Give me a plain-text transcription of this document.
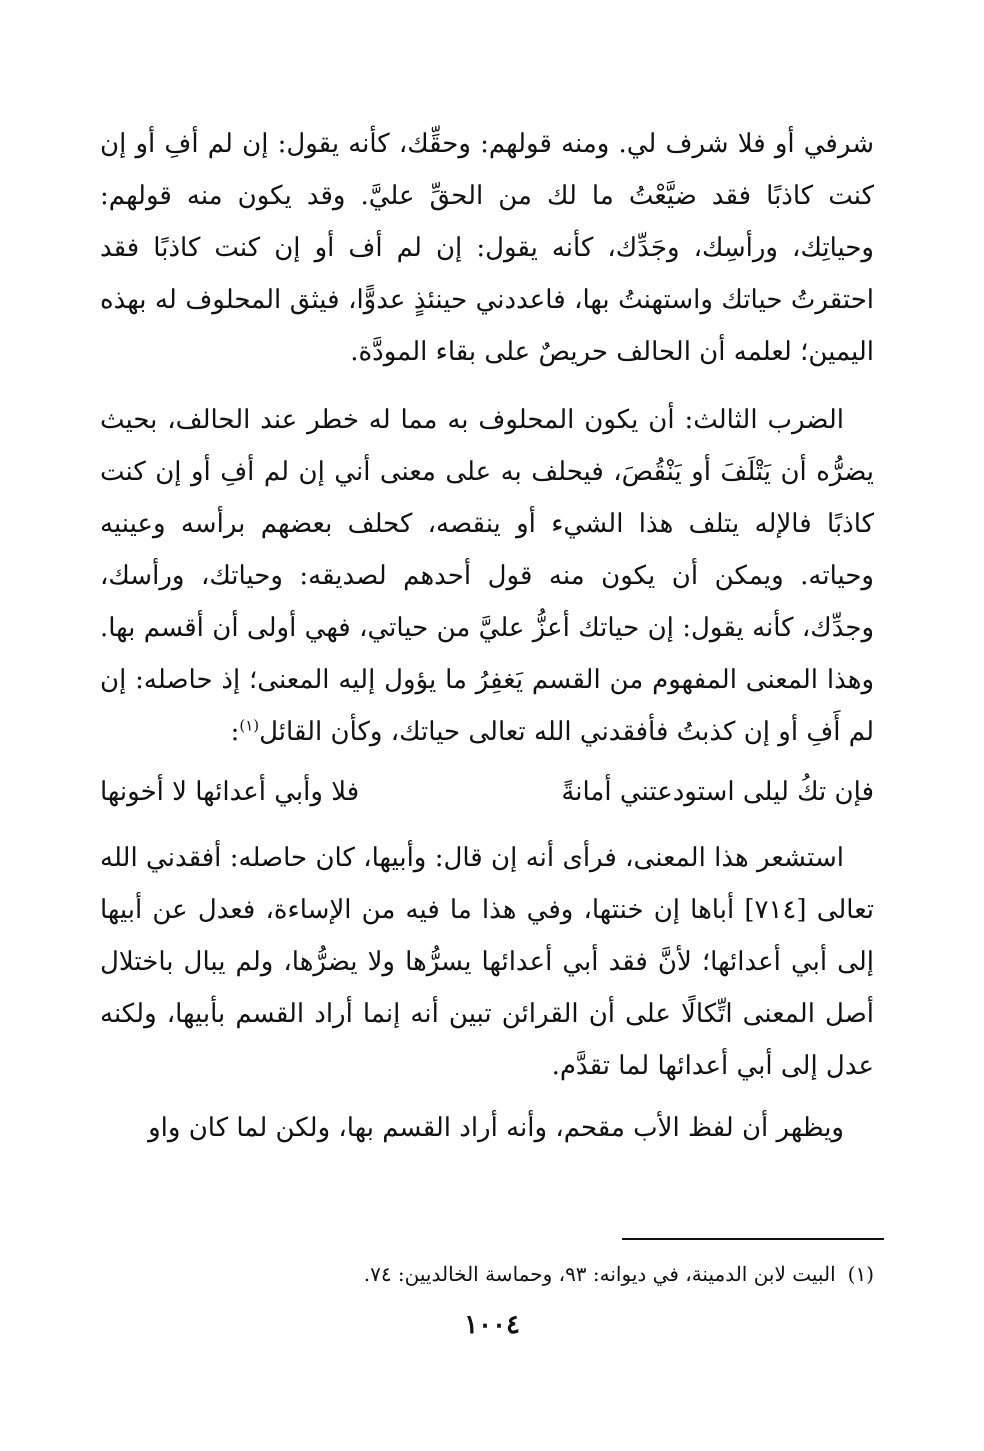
شرفي أو فلا شرف لي. ومنه قولهم: وحقِّك، كأنه يقول: إن لم أفِ أو إن كنت كاذبًا فقد ضيَّعْتُ ما لك من الحقِّ عليَّ. وقد يكون منه قولهم: وحياتِك، ورأسِك، وجَدِّك، كأنه يقول: إن لم أف أو إن كنت كاذبًا فقد احتقرتُ حياتك واستهنتُ بها، فاعددني حينئذٍ عدوًّا، فيثق المحلوف له بهذه اليمين؛ لعلمه أن الحالف حريصٌ على بقاء المودَّة.

الضرب الثالث: أن يكون المحلوف به مما له خطر عند الحالف، بحيث يضرُّه أن يَتْلَفَ أو يَنْقُصَ، فيحلف به على معنى أني إن لم أفِ أو إن كنت كاذبًا فالإله يتلف هذا الشيء أو ينقصه، كحلف بعضهم برأسه وعينيه وحياته. ويمكن أن يكون منه قول أحدهم لصديقه: وحياتك، ورأسك، وجدِّك، كأنه يقول: إن حياتك أعزُّ عليَّ من حياتي، فهي أولى أن أقسم بها. وهذا المعنى المفهوم من القسم يَغفِرُ ما يؤول إليه المعنى؛ إذ حاصله: إن لم أَفِ أو إن كذبتُ فأفقدني الله تعالى حياتك، وكأن القائل$^{(١)}$:

فإن تكُ ليلى استودعتني أمانةً
فلا وأبي أعدائها لا أخونها

استشعر هذا المعنى، فرأى أنه إن قال: وأبيها، كان حاصله: أفقدني الله تعالى [٧١٤] أباها إن خنتها، وفي هذا ما فيه من الإساءة، فعدل عن أبيها إلى أبي أعدائها؛ لأنَّ فقد أبي أعدائها يسرُّها ولا يضرُّها، ولم يبال باختلال أصل المعنى اتِّكالًا على أن القرائن تبين أنه إنما أراد القسم بأبيها، ولكنه عدل إلى أبي أعدائها لما تقدَّم.

ويظهر أن لفظ الأب مقحم، وأنه أراد القسم بها، ولكن لما كان واو

(١)البيت لابن الدمينة، في ديوانه: ٩٣، وحماسة الخالديين: ٧٤.
١٠٠٤
